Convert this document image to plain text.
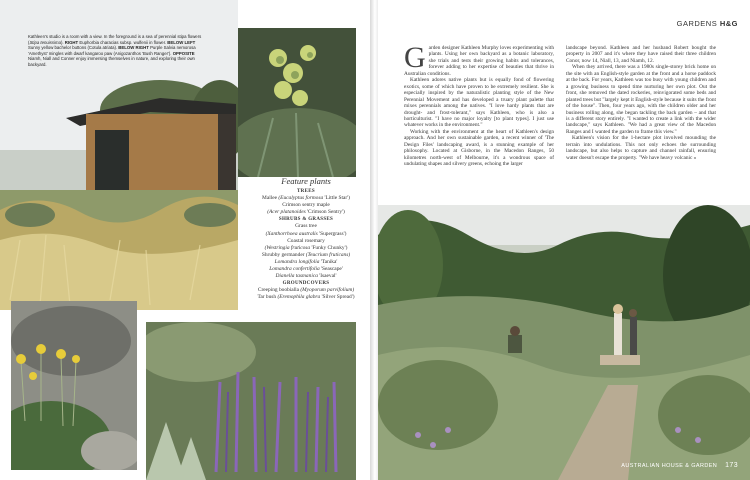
Kathleen's studio is a room with a view. In the foreground is a sea of perennial stipa flowers (Stipa tenuissima). RIGHT Euphorbia characias subsp. wulfenii in flower. BELOW LEFT Sunny yellow bachelor buttons (Cotula atriata). BELOW RIGHT Purple Salvia nemorosa 'Amethyst' mingles with dwarf kangaroo paw (Anigozanthos 'Bush Ranger'). OPPOSITE Niamh, Niall and Conner enjoy immersing themselves in nature, and exploring their own backyard.
Feature plants
TREES
Mallee (Eucalyptus formosa 'Little Star')
Crimson sentry maple
(Acer platanoides 'Crimson Sentry')
SHRUBS & GRASSES
Grass tree
(Xanthorrhoea australis 'Supergrass')
Coastal rosemary
(Westringia fruticosa 'Funky Chunky')
Shrubby germander (Teucrium fruticans)
Lomandra longifolia 'Tanika'
Lomandra confertifolia 'Seascape'
Dianella tasmanica 'Isaeval'
GROUNDCOVERS
Creeping boobialla (Myoporum parvifolium)
Tar bush (Eremophila glabra 'Silver Spread')
GARDENS H&G
G arden designer Kathleen Murphy loves experimenting with plants. Using her own backyard as a botanic laboratory, she trials and tests their growing habits and tolerances, forever adding to her expertise of beauties that thrive in Australian conditions.

Kathleen adores native plants but is equally fond of flowering exotics, some of which have proven to be extremely resilient. She is especially inspired by the naturalistic planting style of the New Perennial Movement and has developed a truary plant palette that mixes perennials among the natives. "I love hardy plants that are drought- and frost-tolerant," says Kathleen, who is also a horticulturist. "I have no major loyalty [to plant types]. I just use whatever works in the environment."

Working with the environment at the heart of Kathleen's design approach. And her own sustainable garden, a recent winner of 'The Design Files' landscaping award, is a stunning example of her philosophy. Located at Gisborne, in the Macedon Ranges, 50 kilometres north-west of Melbourne, it's a wondrous space of undulating shapes and silvery greens, echoing the larger

landscape beyond. Kathleen and her husband Robert bought the property in 2007 and it's where they have raised their three children Conor, now 14, Niall, 13, and Niamh, 12.

When they arrived, there was a 1980s single-storey brick home on the site with an English-style garden at the front and a horse paddock at the back. For years, Kathleen was too busy with young children and a growing business to spend time nurturing her own plot. Out the front, she removed the dated rockeries, reinvigorated some beds and planted trees but "largely kept it English-style because it suits the front of the house". Then, four years ago, with the children older and her business rolling along, she began tackling the back garden – and that is a different story entirely. "I wanted to create a link with the wider landscape," says Kathleen. "We had a great view of the Macedon Ranges and I wanted the garden to frame this view."

Kathleen's vision for the 1-hectare plot involved mounding the terrain into undulations. This not only echoes the surrounding landscape, but also helps to capture and channel rainfall, ensuring water doesn't escape the property. "We have heavy volcanic »

AUSTRALIAN HOUSE & GARDEN 173
